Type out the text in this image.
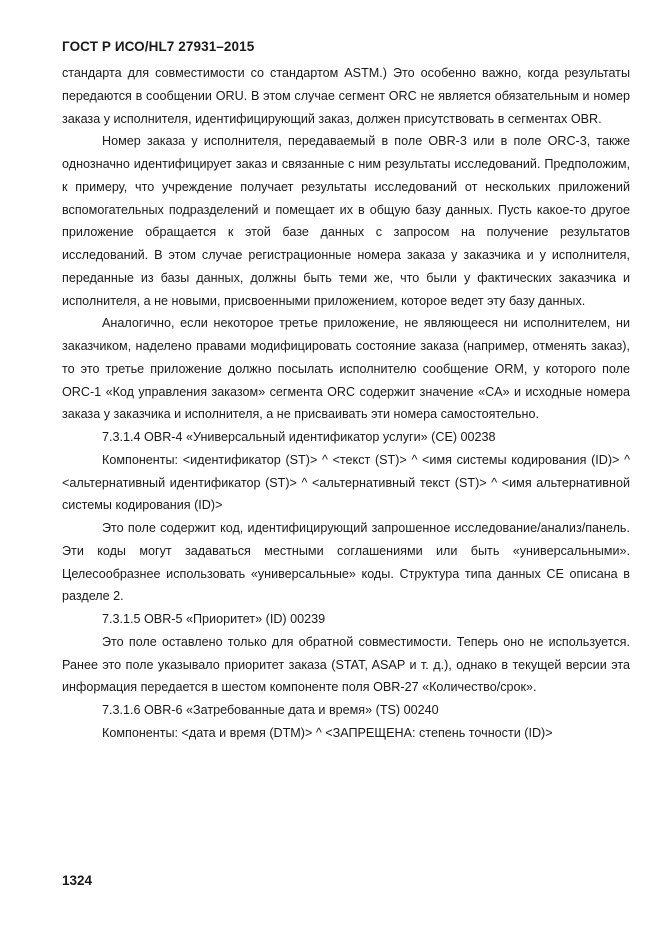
ГОСТ Р ИСО/HL7 27931–2015

стандарта для совместимости со стандартом ASTM.) Это особенно важно, когда результаты передаются в сообщении ORU. В этом случае сегмент ORC не является обязательным и номер заказа у исполнителя, идентифицирующий заказ, должен присутствовать в сегментах OBR.

Номер заказа у исполнителя, передаваемый в поле OBR-3 или в поле ORC-3, также однозначно идентифицирует заказ и связанные с ним результаты исследований. Предположим, к примеру, что учреждение получает результаты исследований от нескольких приложений вспомогательных подразделений и помещает их в общую базу данных. Пусть какое-то другое приложение обращается к этой базе данных с запросом на получение результатов исследований. В этом случае регистрационные номера заказа у заказчика и у исполнителя, переданные из базы данных, должны быть теми же, что были у фактических заказчика и исполнителя, а не новыми, присвоенными приложением, которое ведет эту базу данных.

Аналогично, если некоторое третье приложение, не являющееся ни исполнителем, ни заказчиком, наделено правами модифицировать состояние заказа (например, отменять заказ), то это третье приложение должно посылать исполнителю сообщение ORM, у которого поле ORC-1 «Код управления заказом» сегмента ORC содержит значение «CA» и исходные номера заказа у заказчика и исполнителя, а не присваивать эти номера самостоятельно.

7.3.1.4 OBR-4 «Универсальный идентификатор услуги» (CE) 00238

Компоненты: <идентификатор (ST)> ^ <текст (ST)> ^ <имя системы кодирования (ID)> ^ <альтернативный идентификатор (ST)> ^ <альтернативный текст (ST)> ^ <имя альтернативной системы кодирования (ID)>

Это поле содержит код, идентифицирующий запрошенное исследование/анализ/панель. Эти коды могут задаваться местными соглашениями или быть «универсальными». Целесообразнее использовать «универсальные» коды. Структура типа данных CE описана в разделе 2.

7.3.1.5 OBR-5 «Приоритет» (ID) 00239

Это поле оставлено только для обратной совместимости. Теперь оно не используется. Ранее это поле указывало приоритет заказа (STAT, ASAP и т. д.), однако в текущей версии эта информация передается в шестом компоненте поля OBR-27 «Количество/срок».

7.3.1.6 OBR-6 «Затребованные дата и время» (TS) 00240

Компоненты: <дата и время (DTM)> ^ <ЗАПРЕЩЕНА: степень точности (ID)>

1324
